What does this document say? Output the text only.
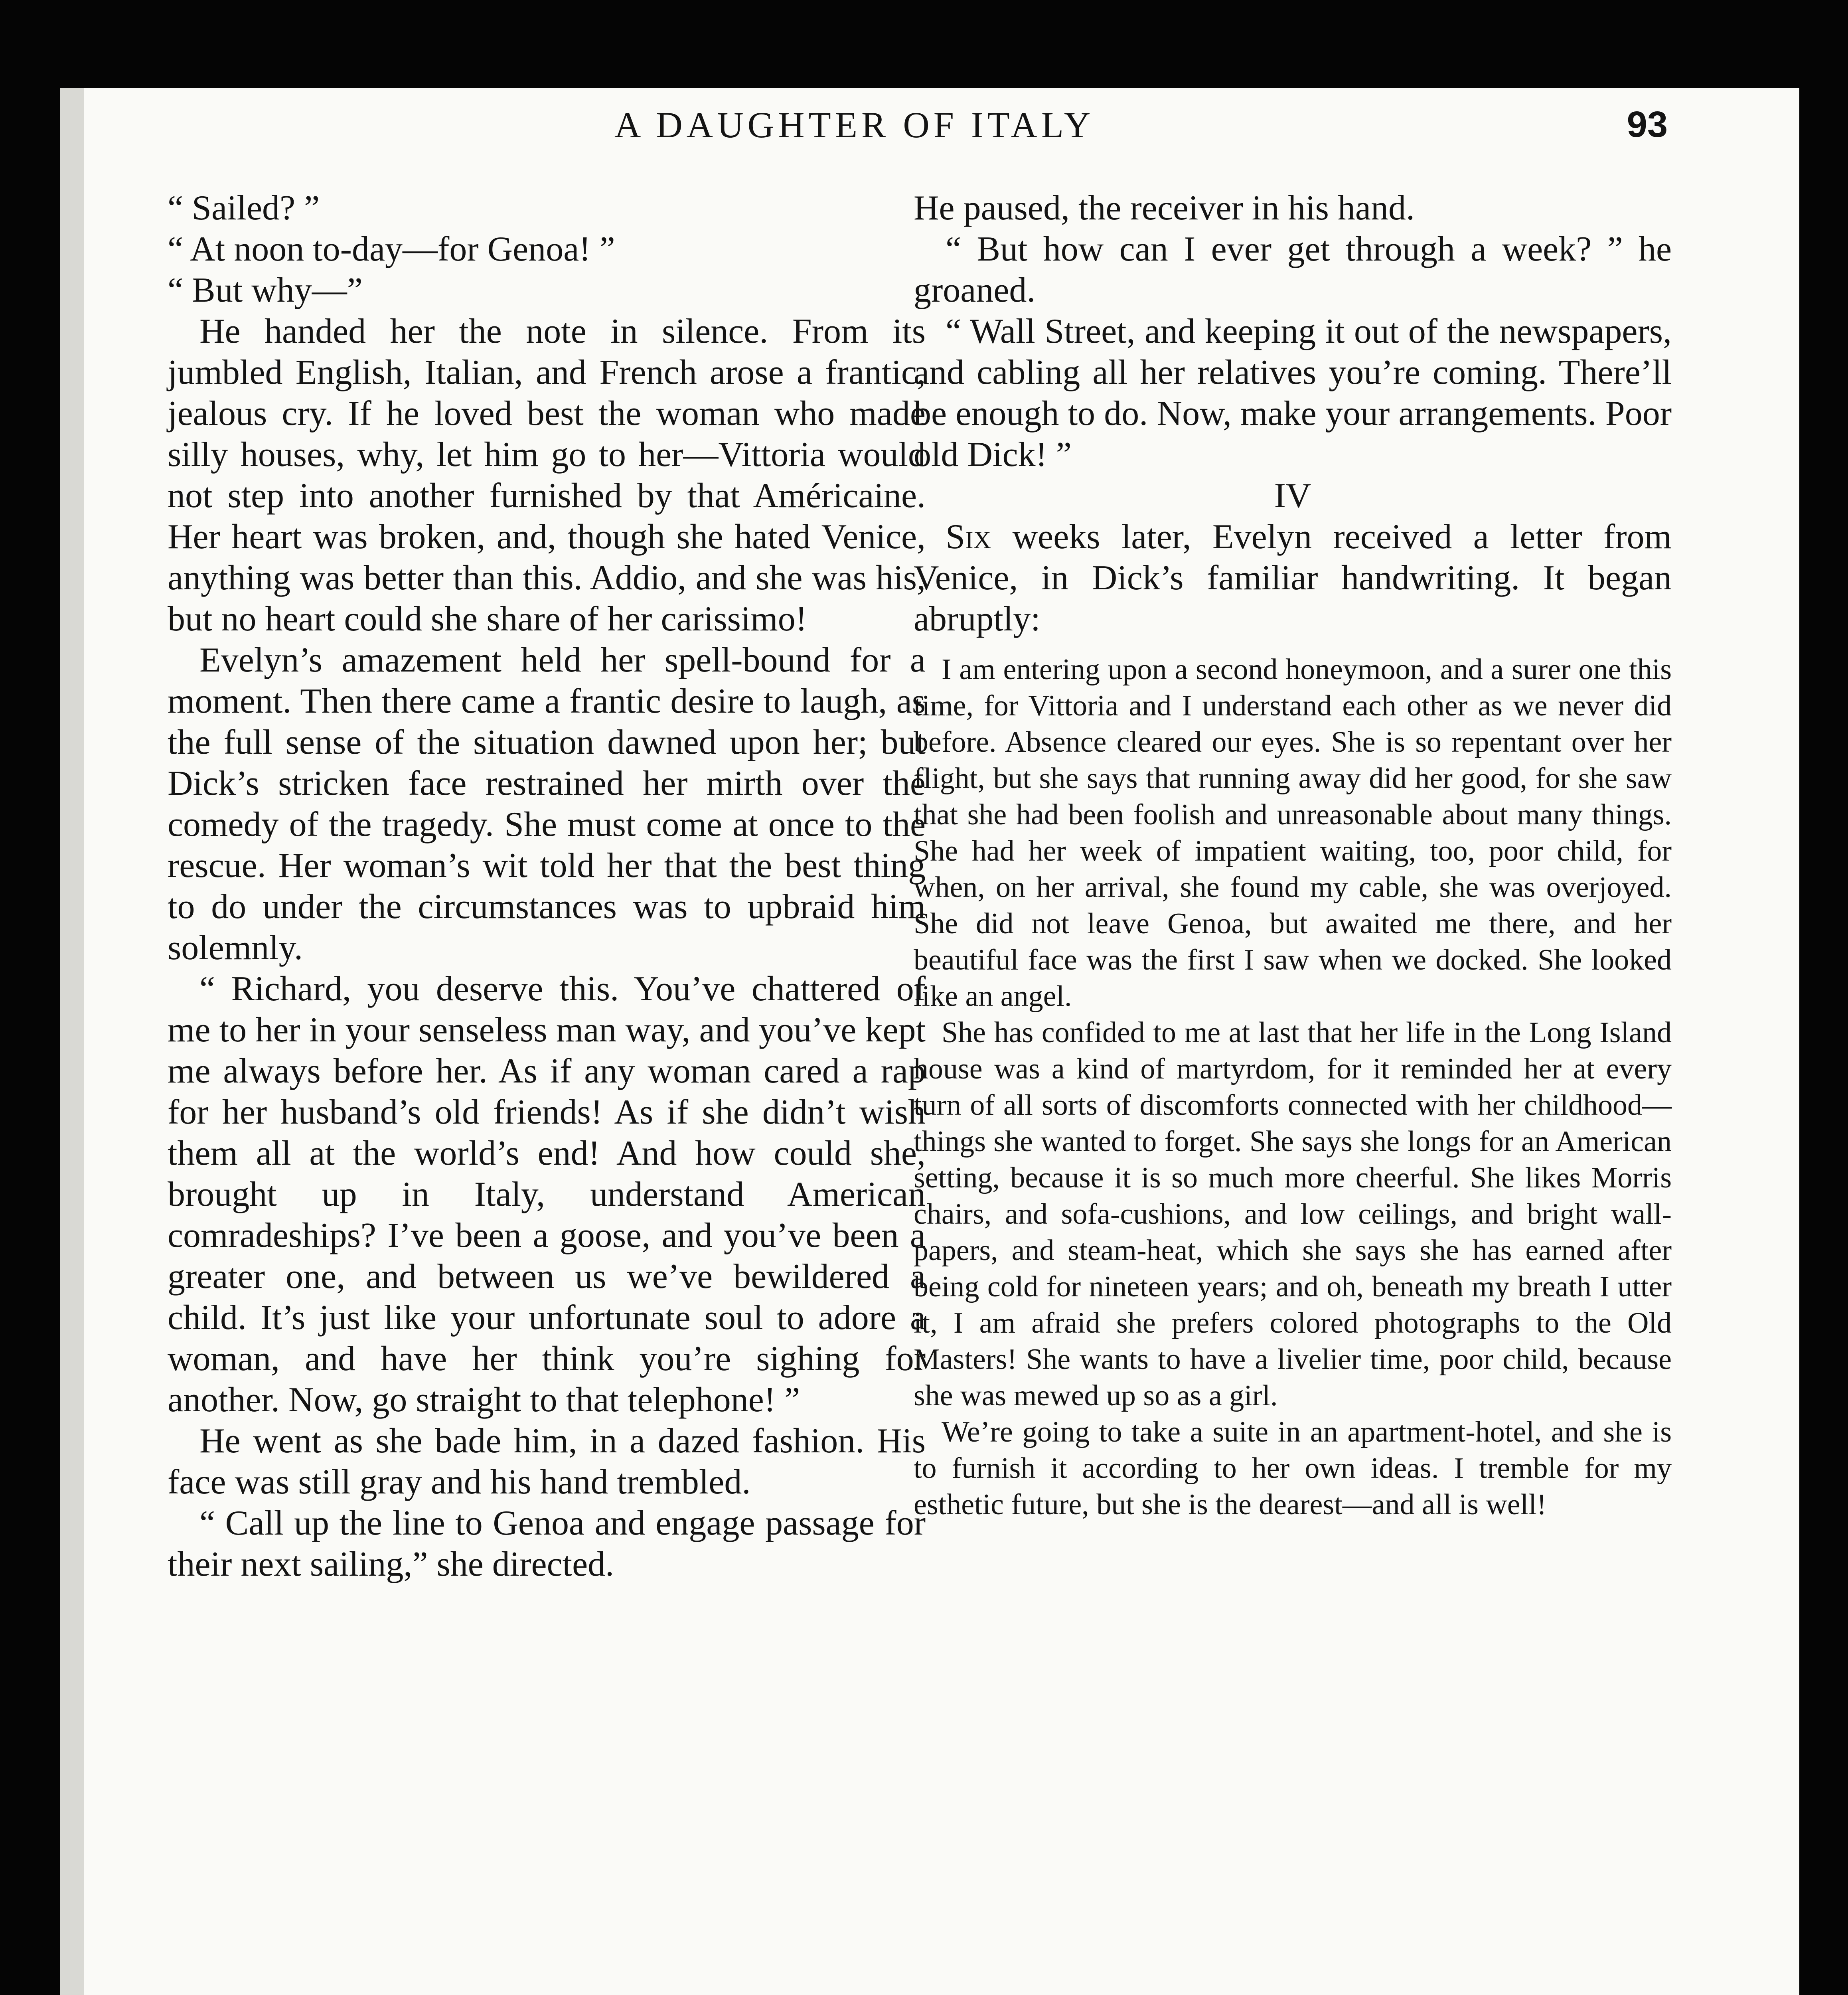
A DAUGHTER OF ITALY	93

“ Sailed? ”

“ At noon to-day—for Genoa! ”

“ But why—”

He handed her the note in silence. From its jumbled English, Italian, and French arose a frantic, jealous cry. If he loved best the woman who made silly houses, why, let him go to her—Vittoria would not step into another furnished by that Américaine. Her heart was broken, and, though she hated Venice, anything was better than this. Addio, and she was his, but no heart could she share of her carissimo!

Evelyn’s amazement held her spell-bound for a moment. Then there came a frantic desire to laugh, as the full sense of the situation dawned upon her; but Dick’s stricken face restrained her mirth over the comedy of the tragedy. She must come at once to the rescue. Her woman’s wit told her that the best thing to do under the circumstances was to upbraid him solemnly.

“ Richard, you deserve this. You’ve chattered of me to her in your senseless man way, and you’ve kept me always before her. As if any woman cared a rap for her husband’s old friends! As if she didn’t wish them all at the world’s end! And how could she, brought up in Italy, understand American comradeships? I’ve been a goose, and you’ve been a greater one, and between us we’ve bewildered a child. It’s just like your unfortunate soul to adore a woman, and have her think you’re sighing for another. Now, go straight to that telephone! ”

He went as she bade him, in a dazed fashion. His face was still gray and his hand trembled.

“ Call up the line to Genoa and engage passage for their next sailing,” she directed.

He paused, the receiver in his hand.

“ But how can I ever get through a week? ” he groaned.

“ Wall Street, and keeping it out of the newspapers, and cabling all her relatives you’re coming. There’ll be enough to do. Now, make your arrangements. Poor old Dick! ”

IV

Six weeks later, Evelyn received a letter from Venice, in Dick’s familiar handwriting. It began abruptly:

I am entering upon a second honeymoon, and a surer one this time, for Vittoria and I understand each other as we never did before. Absence cleared our eyes. She is so repentant over her flight, but she says that running away did her good, for she saw that she had been foolish and unreasonable about many things. She had her week of impatient waiting, too, poor child, for when, on her arrival, she found my cable, she was overjoyed. She did not leave Genoa, but awaited me there, and her beautiful face was the first I saw when we docked. She looked like an angel.

She has confided to me at last that her life in the Long Island house was a kind of martyrdom, for it reminded her at every turn of all sorts of discomforts connected with her childhood—things she wanted to forget. She says she longs for an American setting, because it is so much more cheerful. She likes Morris chairs, and sofa-cushions, and low ceilings, and bright wall-papers, and steam-heat, which she says she has earned after being cold for nineteen years; and oh, beneath my breath I utter it, I am afraid she prefers colored photographs to the Old Masters! She wants to have a livelier time, poor child, because she was mewed up so as a girl.

We’re going to take a suite in an apartment-hotel, and she is to furnish it according to her own ideas. I tremble for my esthetic future, but she is the dearest—and all is well!
